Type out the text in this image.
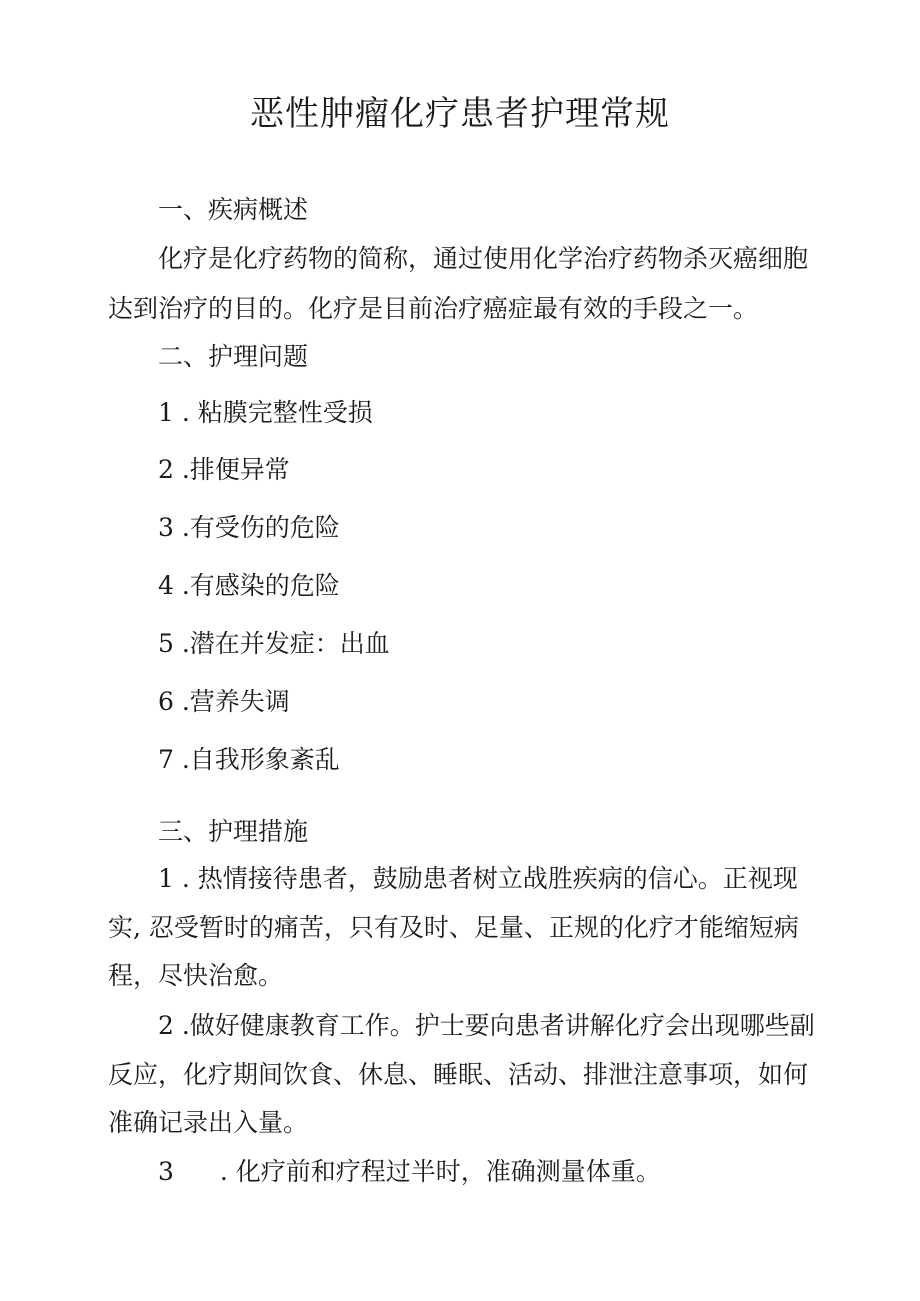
恶性肿瘤化疗患者护理常规
一、疾病概述
化疗是化疗药物的简称，通过使用化学治疗药物杀灭癌细胞
达到治疗的目的。化疗是目前治疗癌症最有效的手段之一。
二、护理问题
1 . 粘膜完整性受损
2 .排便异常
3 .有受伤的危险
4 .有感染的危险
5 .潜在并发症：出血
6 .营养失调
7 .自我形象紊乱
三、护理措施
1 . 热情接待患者，鼓励患者树立战胜疾病的信心。正视现
实, 忍受暂时的痛苦，只有及时、足量、正规的化疗才能缩短病
程，尽快治愈。
2 .做好健康教育工作。护士要向患者讲解化疗会出现哪些副
反应，化疗期间饮食、休息、睡眠、活动、排泄注意事项，如何
准确记录出入量。
3 . 化疗前和疗程过半时，准确测量体重。
